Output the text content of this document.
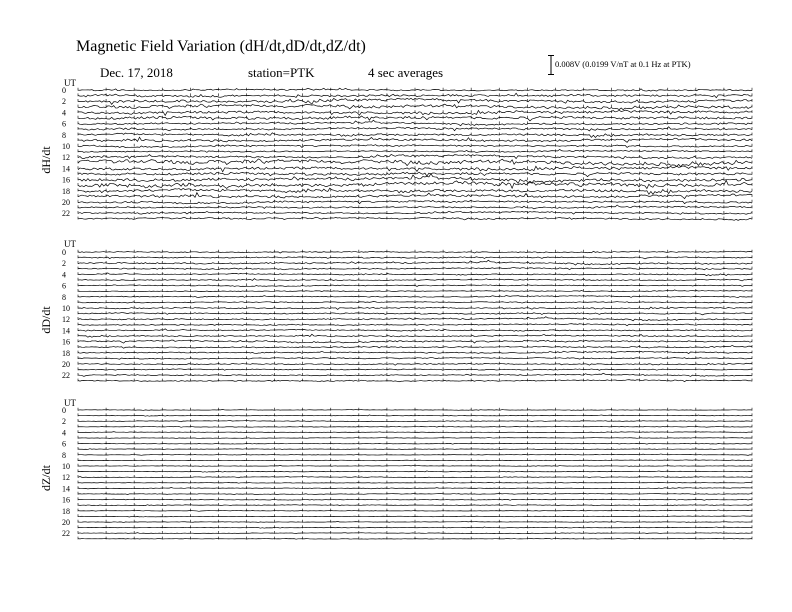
Magnetic Field Variation (dH/dt,dD/dt,dZ/dt)
Dec. 17, 2018	station=PTK	4 sec averages
0.008V (0.0199 V/nT at 0.1 Hz at PTK)
UT
dH/dt
0
2
4
6
8
10
12
14
16
18
20
22
UT
dD/dt
0
2
4
6
8
10
12
14
16
18
20
22
UT
dZ/dt
0
2
4
6
8
10
12
14
16
18
20
22
